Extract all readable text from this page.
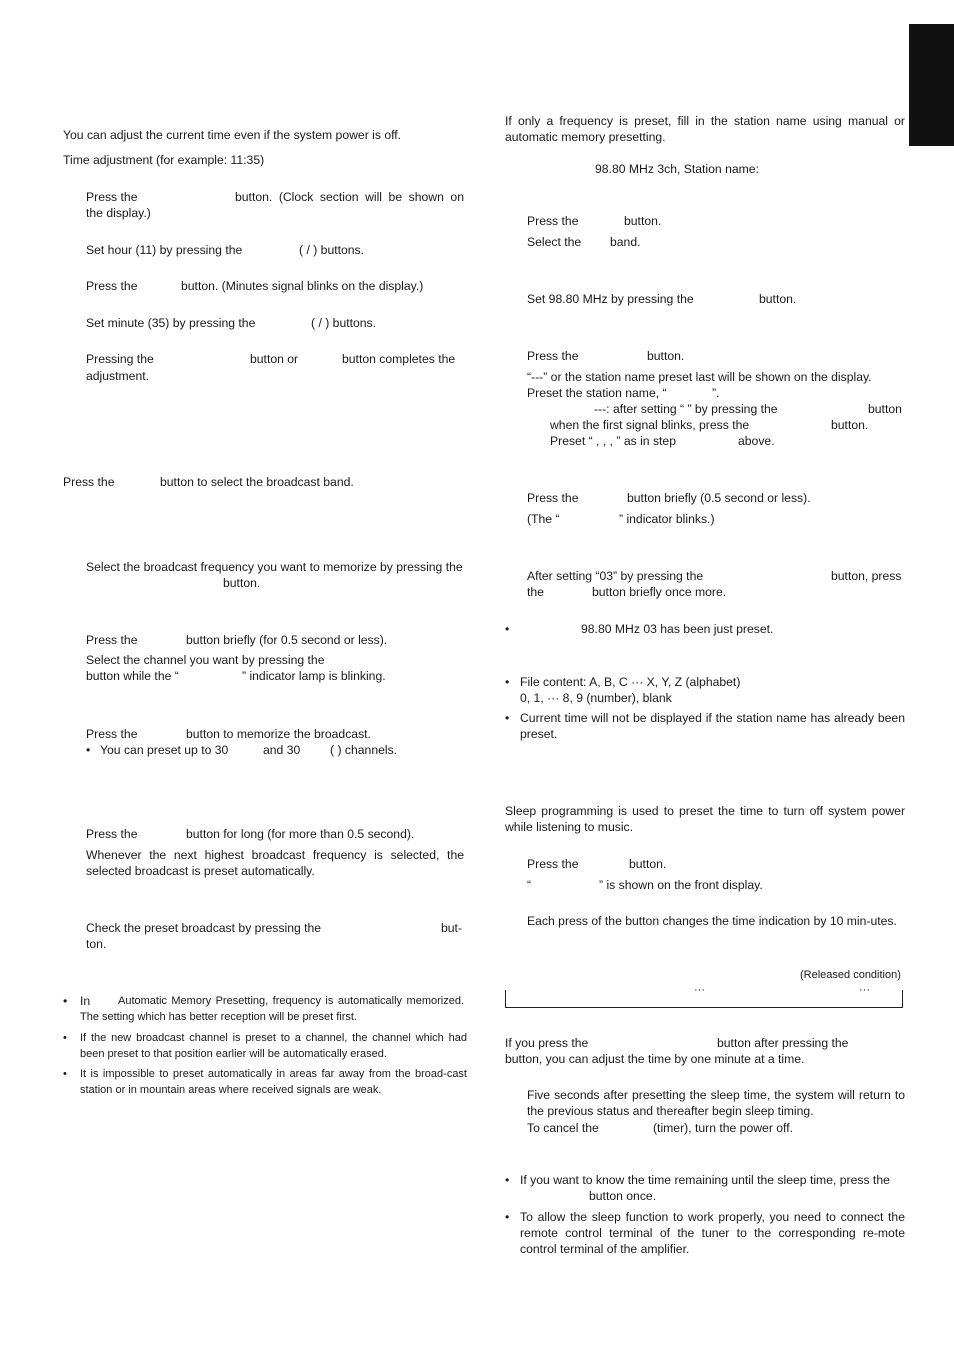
You can adjust the current time even if the system power is off.
Time adjustment (for example: 11:35)
Press the	button. (Clock section will be shown on the display.)
Set hour (11) by pressing the	( / ) buttons.
Press the	button. (Minutes signal blinks on the display.)
Set minute (35) by pressing the	( / ) buttons.
Pressing the	button or	button completes the
adjustment.
Press the	button to select the broadcast band.
Select the broadcast frequency you want to memorize by pressing the
button.
Press the	button briefly (for 0.5 second or less).
Select the channel you want by pressing the
button while the “	” indicator lamp is blinking.
Press the	button to memorize the broadcast.
• You can preset up to 30	and 30 ( ) channels.
Press the	button for long (for more than 0.5 second).
Whenever the next highest broadcast frequency is selected, the selected broadcast is preset automatically.
Check the preset broadcast by pressing the	but-
ton.
• In	Automatic Memory Presetting, frequency is automatically memorized. The setting which has better reception will be preset first.
• If the new broadcast channel is preset to a channel, the channel which had been preset to that position earlier will be automatically erased.
• It is impossible to preset automatically in areas far away from the broad-cast station or in mountain areas where received signals are weak.
If only a frequency is preset, fill in the station name using manual or automatic memory presetting.
98.80 MHz 3ch, Station name:
Press the	button.
Select the band.
Set 98.80 MHz by pressing the	button.
Press the	button.
“---” or the station name preset last will be shown on the display.
Preset the station name, “	”.
---: after setting “ ” by pressing the	button
when the first signal blinks, press the	button.
Preset “ , , , ” as in step	above.
Press the	button briefly (0.5 second or less).
(The “	” indicator blinks.)
After setting “03” by pressing the	button, press
the	button briefly once more.
•	98.80 MHz 03 has been just preset.
• File content: A, B, C ··· X, Y, Z (alphabet)
0, 1, ··· 8, 9 (number), blank
• Current time will not be displayed if the station name has already been preset.
Sleep programming is used to preset the time to turn off system power while listening to music.
Press the	button.
“	” is shown on the front display.
Each press of the button changes the time indication by 10 min-utes.
(Released condition)
···	···
If you press the	button after pressing the
button, you can adjust the time by one minute at a time.
Five seconds after presetting the sleep time, the system will return to the previous status and thereafter begin sleep timing.
To cancel the	(timer), turn the power off.
• If you want to know the time remaining until the sleep time, press the
button once.
• To allow the sleep function to work properly, you need to connect the remote control terminal of the tuner to the corresponding re-mote control terminal of the amplifier.
